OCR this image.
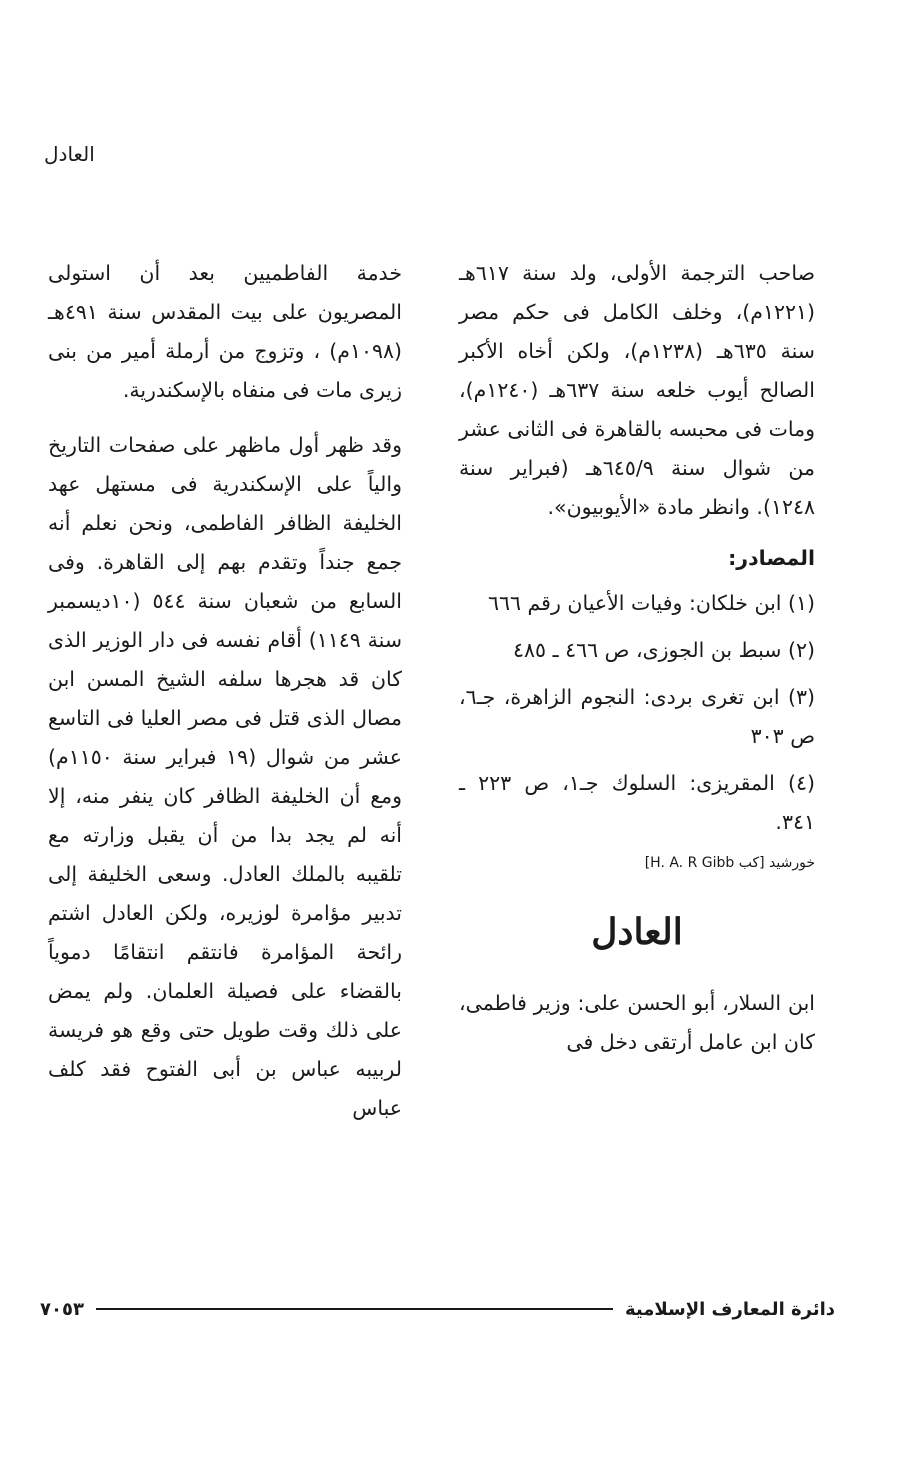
العادل

صاحب الترجمة الأولى، ولد سنة ٦١٧هـ (١٢٢١م)، وخلف الكامل فى حكم مصر سنة ٦٣٥هـ (١٢٣٨م)، ولكن أخاه الأكبر الصالح أيوب خلعه سنة ٦٣٧هـ (١٢٤٠م)، ومات فى محبسه بالقاهرة فى الثانى عشر من شوال سنة ٦٤٥/٩هـ (فبراير سنة ١٢٤٨). وانظر مادة «الأيوبيون».

المصادر:

(١) ابن خلكان: وفيات الأعيان رقم ٦٦٦

(٢) سبط بن الجوزى، ص ٤٦٦ ـ ٤٨٥

(٣) ابن تغرى بردى: النجوم الزاهرة، جـ٦، ص ٣٠٣

(٤) المقريزى: السلوك جـ١، ص ٢٢٣ ـ ٣٤١.

خورشيد [كب H. A. R Gibb]
العادل

ابن السلار، أبو الحسن على: وزير فاطمى، كان ابن عامل أرتقى دخل فى

خدمة الفاطميين بعد أن استولى المصريون على بيت المقدس سنة ٤٩١هـ (١٠٩٨م) ، وتزوج من أرملة أمير من بنى زيرى مات فى منفاه بالإسكندرية.

وقد ظهر أول ماظهر على صفحات التاريخ والياً على الإسكندرية فى مستهل عهد الخليفة الظافر الفاطمى، ونحن نعلم أنه جمع جنداً وتقدم بهم إلى القاهرة. وفى السابع من شعبان سنة ٥٤٤ (١٠ديسمبر سنة ١١٤٩) أقام نفسه فى دار الوزير الذى كان قد هجرها سلفه الشيخ المسن ابن مصال الذى قتل فى مصر العليا فى التاسع عشر من شوال (١٩ فبراير سنة ١١٥٠م) ومع أن الخليفة الظافر كان ينفر منه، إلا أنه لم يجد بدا من أن يقبل وزارته مع تلقيبه بالملك العادل. وسعى الخليفة إلى تدبير مؤامرة لوزيره، ولكن العادل اشتم رائحة المؤامرة فانتقم انتقامًا دموياً بالقضاء على فصيلة العلمان. ولم يمض على ذلك وقت طويل حتى وقع هو فريسة لربيبه عباس بن أبى الفتوح فقد كلف عباس

دائرة المعارف الإسلامية
٧٠٥٣
